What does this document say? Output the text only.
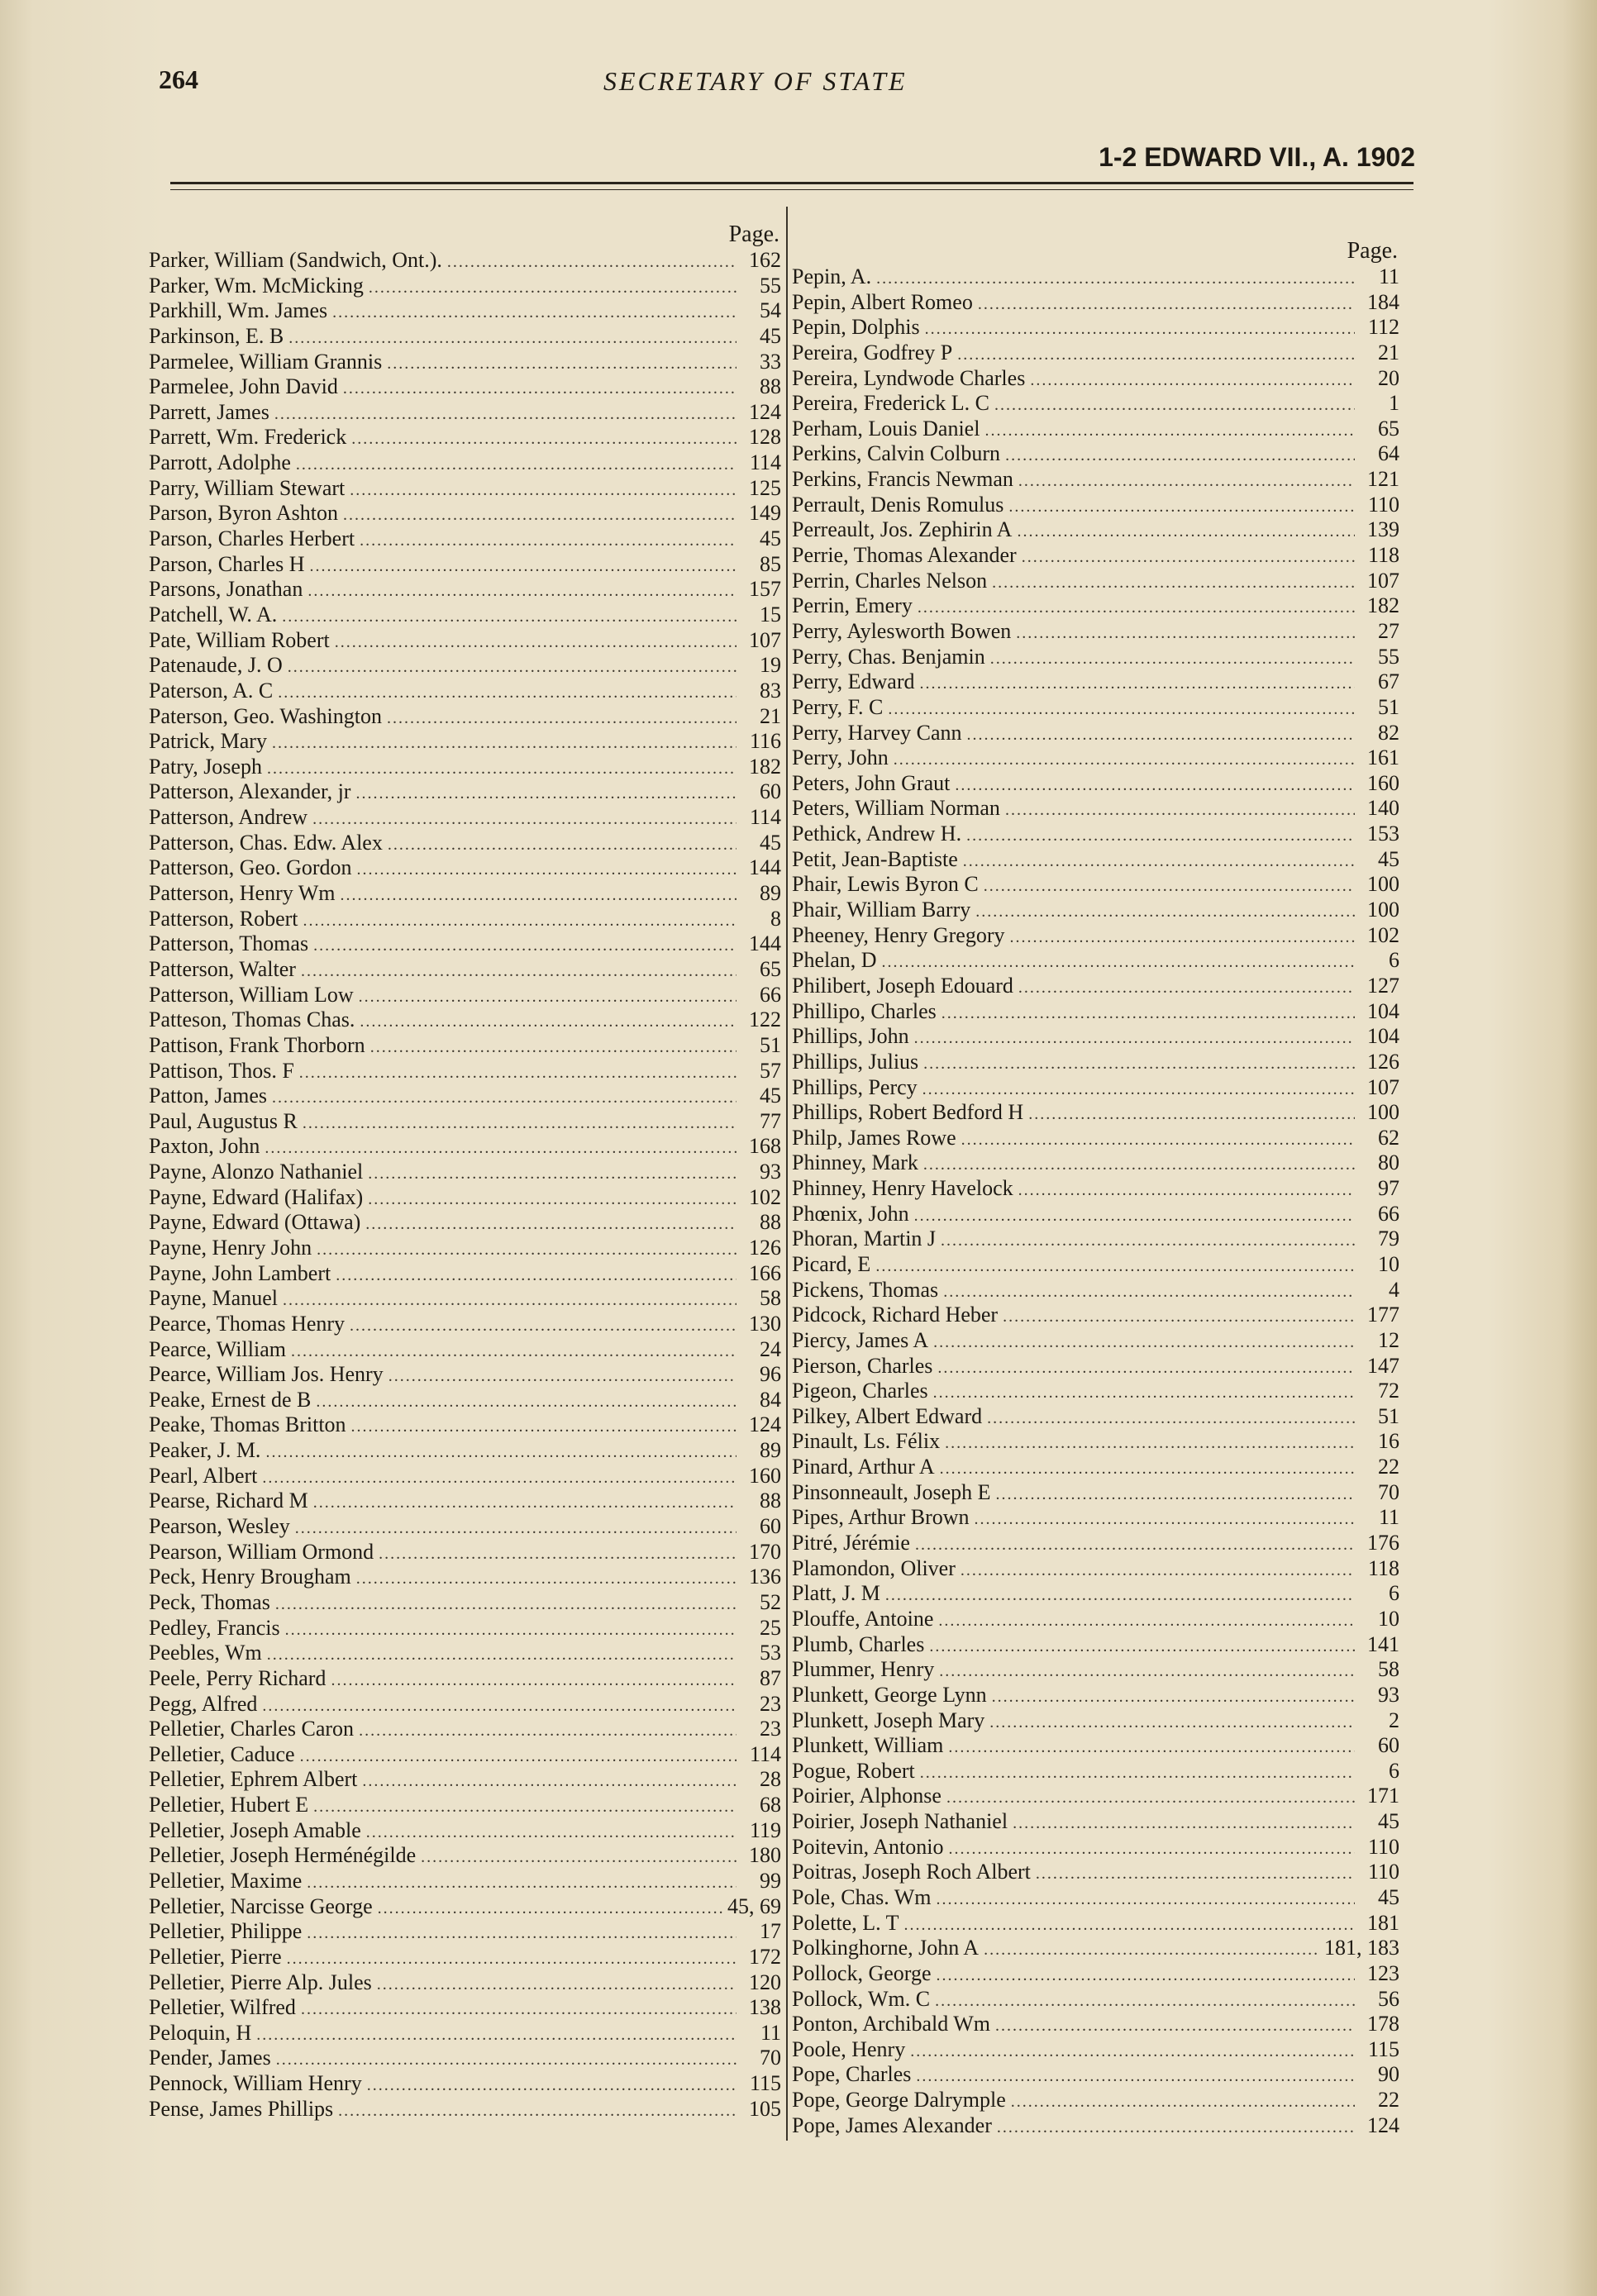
264	SECRETARY OF STATE
1-2 EDWARD VII., A. 1902
Page.
Parker, William (Sandwich, Ont.). .....	162
Parker, Wm. McMicking .....	55
Parkhill, Wm. James .....	54
Parkinson, E. B .....	45
Parmelee, William Grannis .....	33
Parmelee, John David .....	88
Parrett, James .....	124
Parrett, Wm. Frederick .....	128
Parrott, Adolphe .....	114
Parry, William Stewart .....	125
Parson, Byron Ashton .....	149
Parson, Charles Herbert .....	45
Parson, Charles H .....	85
Parsons, Jonathan .....	157
Patchell, W. A. .....	15
Pate, William Robert .....	107
Patenaude, J. O .....	19
Paterson, A. C .....	83
Paterson, Geo. Washington .....	21
Patrick, Mary .....	116
Patry, Joseph .....	182
Patterson, Alexander, jr .....	60
Patterson, Andrew .....	114
Patterson, Chas. Edw. Alex .....	45
Patterson, Geo. Gordon .....	144
Patterson, Henry Wm .....	89
Patterson, Robert .....	8
Patterson, Thomas .....	144
Patterson, Walter .....	65
Patterson, William Low .....	66
Patteson, Thomas Chas. .....	122
Pattison, Frank Thorborn .....	51
Pattison, Thos. F .....	57
Patton, James .....	45
Paul, Augustus R .....	77
Paxton, John .....	168
Payne, Alonzo Nathaniel .....	93
Payne, Edward (Halifax) .....	102
Payne, Edward (Ottawa) .....	88
Payne, Henry John .....	126
Payne, John Lambert .....	166
Payne, Manuel .....	58
Pearce, Thomas Henry .....	130
Pearce, William .....	24
Pearce, William Jos. Henry .....	96
Peake, Ernest de B .....	84
Peake, Thomas Britton .....	124
Peaker, J. M. .....	89
Pearl, Albert .....	160
Pearse, Richard M .....	88
Pearson, Wesley .....	60
Pearson, William Ormond .....	170
Peck, Henry Brougham .....	136
Peck, Thomas .....	52
Pedley, Francis .....	25
Peebles, Wm .....	53
Peele, Perry Richard .....	87
Pegg, Alfred .....	23
Pelletier, Charles Caron .....	23
Pelletier, Caduce .....	114
Pelletier, Ephrem Albert .....	28
Pelletier, Hubert E .....	68
Pelletier, Joseph Amable .....	119
Pelletier, Joseph Herménégilde .....	180
Pelletier, Maxime .....	99
Pelletier, Narcisse George .....	45, 69
Pelletier, Philippe .....	17
Pelletier, Pierre .....	172
Pelletier, Pierre Alp. Jules .....	120
Pelletier, Wilfred .....	138
Peloquin, H .....	11
Pender, James .....	70
Pennock, William Henry .....	115
Pense, James Phillips .....	105
Page.
Pepin, A. .....	11
Pepin, Albert Romeo .....	184
Pepin, Dolphis .....	112
Pereira, Godfrey P .....	21
Pereira, Lyndwode Charles .....	20
Pereira, Frederick L. C .....	1
Perham, Louis Daniel .....	65
Perkins, Calvin Colburn .....	64
Perkins, Francis Newman .....	121
Perrault, Denis Romulus .....	110
Perreault, Jos. Zephirin A .....	139
Perrie, Thomas Alexander .....	118
Perrin, Charles Nelson .....	107
Perrin, Emery .....	182
Perry, Aylesworth Bowen .....	27
Perry, Chas. Benjamin .....	55
Perry, Edward .....	67
Perry, F. C .....	51
Perry, Harvey Cann .....	82
Perry, John .....	161
Peters, John Graut .....	160
Peters, William Norman .....	140
Pethick, Andrew H. .....	153
Petit, Jean-Baptiste .....	45
Phair, Lewis Byron C .....	100
Phair, William Barry .....	100
Pheeney, Henry Gregory .....	102
Phelan, D .....	6
Philibert, Joseph Edouard .....	127
Phillipo, Charles .....	104
Phillips, John .....	104
Phillips, Julius .....	126
Phillips, Percy .....	107
Phillips, Robert Bedford H .....	100
Philp, James Rowe .....	62
Phinney, Mark .....	80
Phinney, Henry Havelock .....	97
Phœnix, John .....	66
Phoran, Martin J .....	79
Picard, E .....	10
Pickens, Thomas .....	4
Pidcock, Richard Heber .....	177
Piercy, James A .....	12
Pierson, Charles .....	147
Pigeon, Charles .....	72
Pilkey, Albert Edward .....	51
Pinault, Ls. Félix .....	16
Pinard, Arthur A .....	22
Pinsonneault, Joseph E .....	70
Pipes, Arthur Brown .....	11
Pitré, Jérémie .....	176
Plamondon, Oliver .....	118
Platt, J. M .....	6
Plouffe, Antoine .....	10
Plumb, Charles .....	141
Plummer, Henry .....	58
Plunkett, George Lynn .....	93
Plunkett, Joseph Mary .....	2
Plunkett, William .....	60
Pogue, Robert .....	6
Poirier, Alphonse .....	171
Poirier, Joseph Nathaniel .....	45
Poitevin, Antonio .....	110
Poitras, Joseph Roch Albert .....	110
Pole, Chas. Wm .....	45
Polette, L. T .....	181
Polkinghorne, John A .....	181, 183
Pollock, George .....	123
Pollock, Wm. C .....	56
Ponton, Archibald Wm .....	178
Poole, Henry .....	115
Pope, Charles .....	90
Pope, George Dalrymple .....	22
Pope, James Alexander .....	124
